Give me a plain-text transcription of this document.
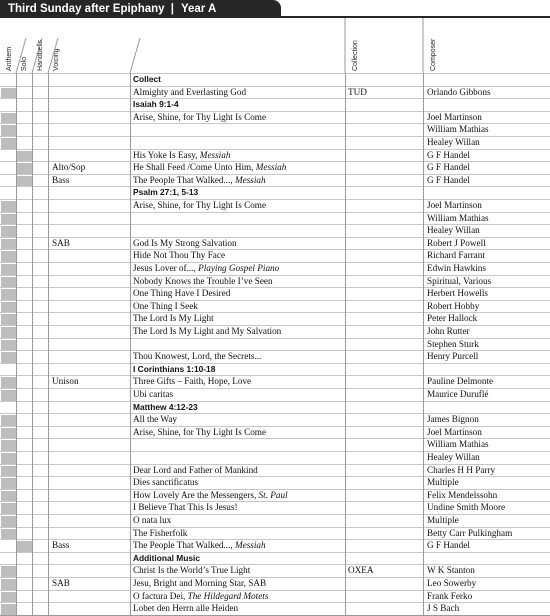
Third Sunday after Epiphany | Year A
Collect
Almighty and Everlasting God	TUD	Orlando Gibbons
Isaiah 9:1-4
Arise, Shine, for Thy Light Is Come	Joel Martinson
William Mathias
Healey Willan
His Yoke Is Easy, Messiah	G F Handel
Alto/Sop	He Shall Feed /Come Unto Him, Messiah	G F Handel
Bass	The People That Walked..., Messiah	G F Handel
Psalm 27:1, 5-13
Arise, Shine, for Thy Light Is Come	Joel Martinson
William Mathias
Healey Willan
SAB	God Is My Strong Salvation	Robert J Powell
Hide Not Thou Thy Face	Richard Farrant
Jesus Lover of..., Playing Gospel Piano	Edwin Hawkins
Nobody Knows the Trouble I’ve Seen	Spiritual, Various
One Thing Have I Desired	Herbert Howells
One Thing I Seek	Robert Hobby
The Lord Is My Light	Peter Hallock
The Lord Is My Light and My Salvation	John Rutter
Stephen Sturk
Thou Knowest, Lord, the Secrets...	Henry Purcell
I Corinthians 1:10-18
Unison	Three Gifts – Faith, Hope, Love	Pauline Delmonte
Ubi caritas	Maurice Duruflé
Matthew 4:12-23
All the Way	James Bignon
Arise, Shine, for Thy Light Is Come	Joel Martinson
William Mathias
Healey Willan
Dear Lord and Father of Mankind	Charles H H Parry
Dies sanctificatus	Multiple
How Lovely Are the Messengers, St. Paul	Felix Mendelssohn
I Believe That This Is Jesus!	Undine Smith Moore
O nata lux	Multiple
The Fisherfolk	Betty Carr Pulkingham
Bass	The People That Walked..., Messiah	G F Handel
Additional Music
Christ Is the World’s True Light	OXEA	W K Stanton
SAB	Jesu, Bright and Morning Star, SAB	Leo Sowerby
O factura Dei, The Hildegard Motets	Frank Ferko
Lobet den Herrn alle Heiden	J S Bach
Anthem Solo Handbells Voicing	Collection	Composer
